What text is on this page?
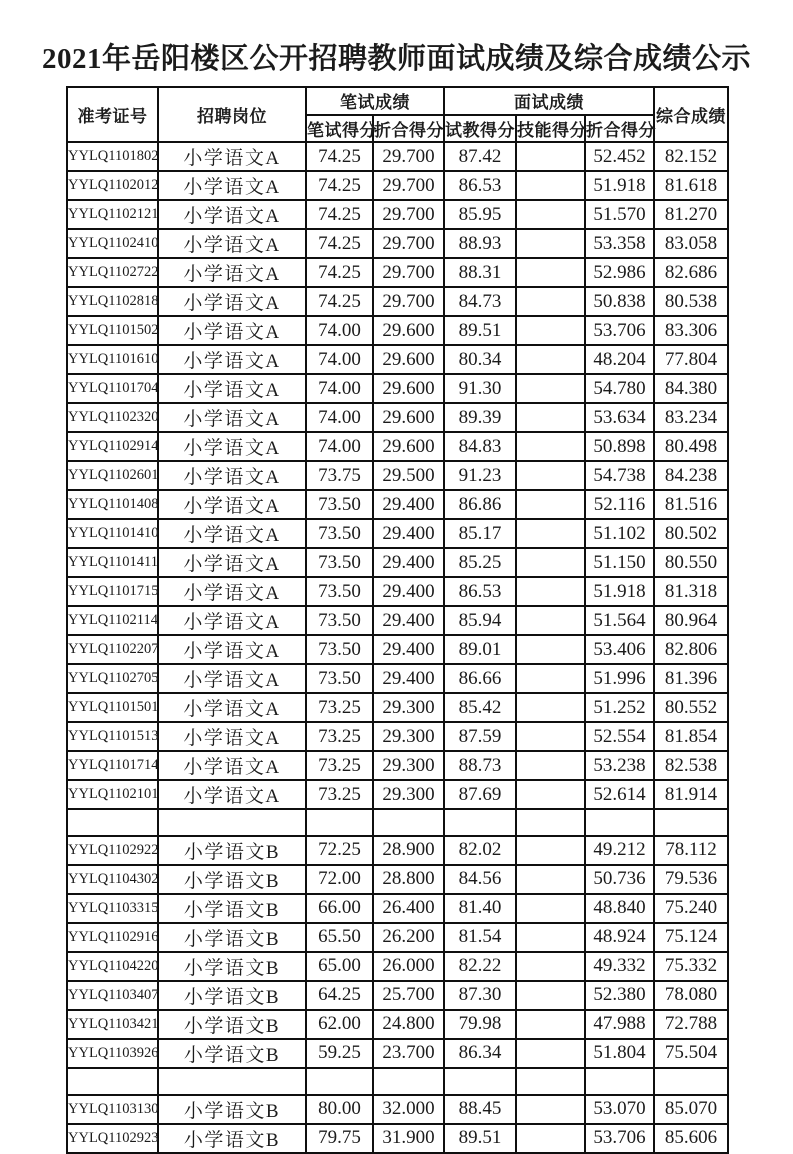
2021年岳阳楼区公开招聘教师面试成绩及综合成绩公示
准考证号	招聘岗位	笔试成绩		面试成绩			综合成绩
		笔试得分	折合得分	试教得分	技能得分	折合得分	
YYLQ1101802	小学语文A	74.25	29.700	87.42		52.452	82.152
YYLQ1102012	小学语文A	74.25	29.700	86.53		51.918	81.618
YYLQ1102121	小学语文A	74.25	29.700	85.95		51.570	81.270
YYLQ1102410	小学语文A	74.25	29.700	88.93		53.358	83.058
YYLQ1102722	小学语文A	74.25	29.700	88.31		52.986	82.686
YYLQ1102818	小学语文A	74.25	29.700	84.73		50.838	80.538
YYLQ1101502	小学语文A	74.00	29.600	89.51		53.706	83.306
YYLQ1101610	小学语文A	74.00	29.600	80.34		48.204	77.804
YYLQ1101704	小学语文A	74.00	29.600	91.30		54.780	84.380
YYLQ1102320	小学语文A	74.00	29.600	89.39		53.634	83.234
YYLQ1102914	小学语文A	74.00	29.600	84.83		50.898	80.498
YYLQ1102601	小学语文A	73.75	29.500	91.23		54.738	84.238
YYLQ1101408	小学语文A	73.50	29.400	86.86		52.116	81.516
YYLQ1101410	小学语文A	73.50	29.400	85.17		51.102	80.502
YYLQ1101411	小学语文A	73.50	29.400	85.25		51.150	80.550
YYLQ1101715	小学语文A	73.50	29.400	86.53		51.918	81.318
YYLQ1102114	小学语文A	73.50	29.400	85.94		51.564	80.964
YYLQ1102207	小学语文A	73.50	29.400	89.01		53.406	82.806
YYLQ1102705	小学语文A	73.50	29.400	86.66		51.996	81.396
YYLQ1101501	小学语文A	73.25	29.300	85.42		51.252	80.552
YYLQ1101513	小学语文A	73.25	29.300	87.59		52.554	81.854
YYLQ1101714	小学语文A	73.25	29.300	88.73		53.238	82.538
YYLQ1102101	小学语文A	73.25	29.300	87.69		52.614	81.914

YYLQ1102922	小学语文B	72.25	28.900	82.02		49.212	78.112
YYLQ1104302	小学语文B	72.00	28.800	84.56		50.736	79.536
YYLQ1103315	小学语文B	66.00	26.400	81.40		48.840	75.240
YYLQ1102916	小学语文B	65.50	26.200	81.54		48.924	75.124
YYLQ1104220	小学语文B	65.00	26.000	82.22		49.332	75.332
YYLQ1103407	小学语文B	64.25	25.700	87.30		52.380	78.080
YYLQ1103421	小学语文B	62.00	24.800	79.98		47.988	72.788
YYLQ1103926	小学语文B	59.25	23.700	86.34		51.804	75.504

YYLQ1103130	小学语文B	80.00	32.000	88.45		53.070	85.070
YYLQ1102923	小学语文B	79.75	31.900	89.51		53.706	85.606
